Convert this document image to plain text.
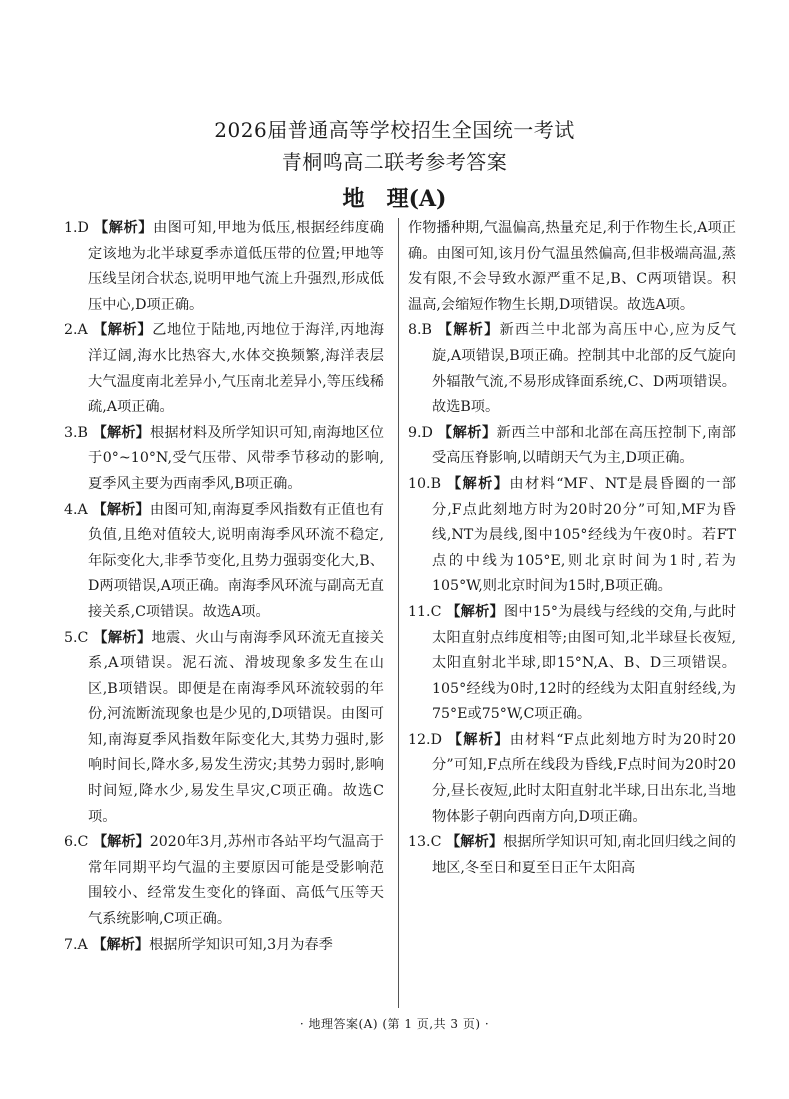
2026届普通高等学校招生全国统一考试
青桐鸣高二联考参考答案
地 理(A)

1.D 【解析】由图可知,甲地为低压,根据经纬度确定该地为北半球夏季赤道低压带的位置;甲地等压线呈闭合状态,说明甲地气流上升强烈,形成低压中心,D项正确。

2.A 【解析】乙地位于陆地,丙地位于海洋,丙地海洋辽阔,海水比热容大,水体交换频繁,海洋表层大气温度南北差异小,气压南北差异小,等压线稀疏,A项正确。

3.B 【解析】根据材料及所学知识可知,南海地区位于0°~10°N,受气压带、风带季节移动的影响,夏季风主要为西南季风,B项正确。

4.A 【解析】由图可知,南海夏季风指数有正值也有负值,且绝对值较大,说明南海季风环流不稳定,年际变化大,非季节变化,且势力强弱变化大,B、D两项错误,A项正确。南海季风环流与副高无直接关系,C项错误。故选A项。

5.C 【解析】地震、火山与南海季风环流无直接关系,A项错误。泥石流、滑坡现象多发生在山区,B项错误。即便是在南海季风环流较弱的年份,河流断流现象也是少见的,D项错误。由图可知,南海夏季风指数年际变化大,其势力强时,影响时间长,降水多,易发生涝灾;其势力弱时,影响时间短,降水少,易发生旱灾,C项正确。故选C项。

6.C 【解析】2020年3月,苏州市各站平均气温高于常年同期平均气温的主要原因可能是受影响范围较小、经常发生变化的锋面、高低气压等天气系统影响,C项正确。

7.A 【解析】根据所学知识可知,3月为春季

作物播种期,气温偏高,热量充足,利于作物生长,A项正确。由图可知,该月份气温虽然偏高,但非极端高温,蒸发有限,不会导致水源严重不足,B、C两项错误。积温高,会缩短作物生长期,D项错误。故选A项。

8.B 【解析】新西兰中北部为高压中心,应为反气旋,A项错误,B项正确。控制其中北部的反气旋向外辐散气流,不易形成锋面系统,C、D两项错误。故选B项。

9.D 【解析】新西兰中部和北部在高压控制下,南部受高压脊影响,以晴朗天气为主,D项正确。

10.B 【解析】由材料“MF、NT是晨昏圈的一部分,F点此刻地方时为20时20分”可知,MF为昏线,NT为晨线,图中105°经线为午夜0时。若FT点的中线为105°E,则北京时间为1时,若为105°W,则北京时间为15时,B项正确。

11.C 【解析】图中15°为晨线与经线的交角,与此时太阳直射点纬度相等;由图可知,北半球昼长夜短,太阳直射北半球,即15°N,A、B、D三项错误。105°经线为0时,12时的经线为太阳直射经线,为75°E或75°W,C项正确。

12.D 【解析】由材料“F点此刻地方时为20时20分”可知,F点所在线段为昏线,F点时间为20时20分,昼长夜短,此时太阳直射北半球,日出东北,当地物体影子朝向西南方向,D项正确。

13.C 【解析】根据所学知识可知,南北回归线之间的地区,冬至日和夏至日正午太阳高

· 地理答案(A) (第 1 页,共 3 页) ·
